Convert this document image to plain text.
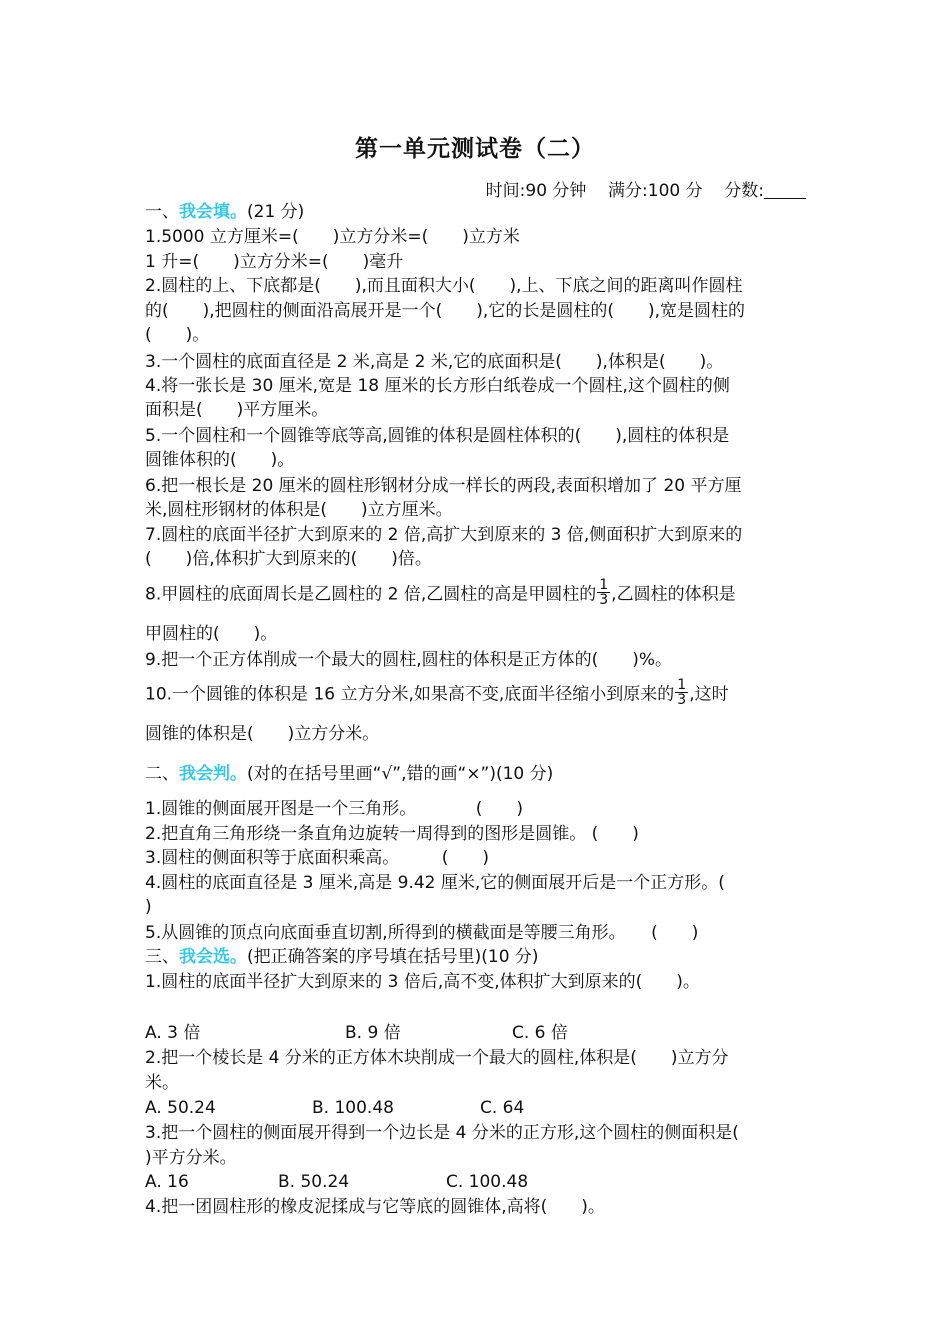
第一单元测试卷（二）
时间:90 分钟 满分:100 分 分数:
一、我会填。(21 分)
1.5000 立方厘米=(　　)立方分米=(　　)立方米
1 升=(　　)立方分米=(　　)毫升
2.圆柱的上、下底都是(　　),而且面积大小(　　),上、下底之间的距离叫作圆柱
的(　　),把圆柱的侧面沿高展开是一个(　　),它的长是圆柱的(　　),宽是圆柱的
(　　)。
3.一个圆柱的底面直径是 2 米,高是 2 米,它的底面积是(　　),体积是(　　)。
4.将一张长是 30 厘米,宽是 18 厘米的长方形白纸卷成一个圆柱,这个圆柱的侧
面积是(　　)平方厘米。
5.一个圆柱和一个圆锥等底等高,圆锥的体积是圆柱体积的(　　),圆柱的体积是
圆锥体积的(　　)。
6.把一根长是 20 厘米的圆柱形钢材分成一样长的两段,表面积增加了 20 平方厘
米,圆柱形钢材的体积是(　　)立方厘米。
7.圆柱的底面半径扩大到原来的 2 倍,高扩大到原来的 3 倍,侧面积扩大到原来的
(　　)倍,体积扩大到原来的(　　)倍。
8.甲圆柱的底面周长是乙圆柱的 2 倍,乙圆柱的高是甲圆柱的 $\frac{1}{3}$ ,乙圆柱的体积是
甲圆柱的(　　)。
9.把一个正方体削成一个最大的圆柱,圆柱的体积是正方体的(　　)%。
10.一个圆锥的体积是 16 立方分米,如果高不变,底面半径缩小到原来的 $\frac{1}{3}$ ,这时
圆锥的体积是(　　)立方分米。
二、我会判。(对的在括号里画“√”,错的画“×”)(10 分)
1.圆锥的侧面展开图是一个三角形。　　　　(　　)
2.把直角三角形绕一条直角边旋转一周得到的图形是圆锥。 (　　)
3.圆柱的侧面积等于底面积乘高。　　　(　　)
4.圆柱的底面直径是 3 厘米,高是 9.42 厘米,它的侧面展开后是一个正方形。(
)
5.从圆锥的顶点向底面垂直切割,所得到的横截面是等腰三角形。　　(　　)
三、我会选。(把正确答案的序号填在括号里)(10 分)
1.圆柱的底面半径扩大到原来的 3 倍后,高不变,体积扩大到原来的(　　)。
A. 3 倍	B. 9 倍	C. 6 倍
2.把一个棱长是 4 分米的正方体木块削成一个最大的圆柱,体积是(　　)立方分
米。
A. 50.24	B. 100.48	C. 64
3.把一个圆柱的侧面展开得到一个边长是 4 分米的正方形,这个圆柱的侧面积是(
)平方分米。
A. 16	B. 50.24	C. 100.48
4.把一团圆柱形的橡皮泥揉成与它等底的圆锥体,高将(　　)。
